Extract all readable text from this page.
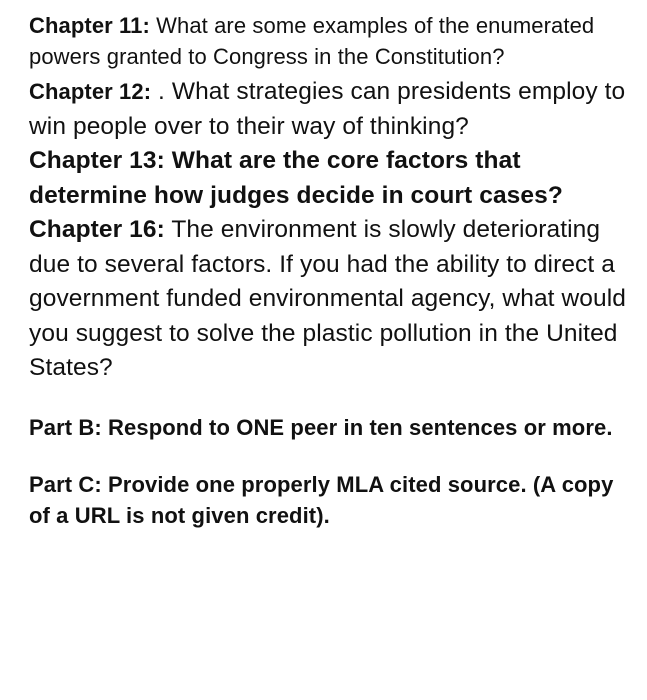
Chapter 11: What are some examples of the enumerated powers granted to Congress in the Constitution?

Chapter 12: . What strategies can presidents employ to win people over to their way of thinking?

Chapter 13: What are the core factors that determine how judges decide in court cases?

Chapter 16: The environment is slowly deteriorating due to several factors. If you had the ability to direct a government funded environmental agency, what would you suggest to solve the plastic pollution in the United States?

Part B: Respond to ONE peer in ten sentences or more.

Part C: Provide one properly MLA cited source. (A copy of a URL is not given credit).
